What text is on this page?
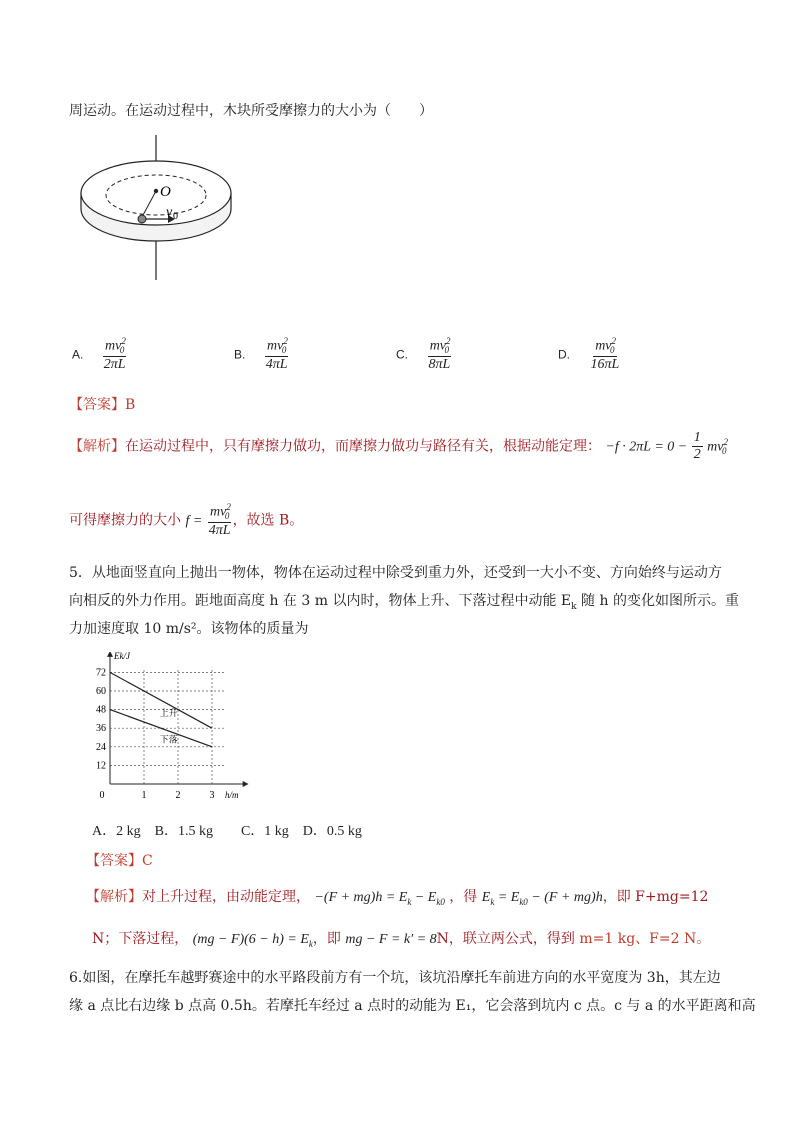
周运动。在运动过程中，木块所受摩擦力的大小为（　　）
O
v 0
A. $\frac{mv^2_0}{2\pi L}$	B. $\frac{mv^2_0}{4\pi L}$	C. $\frac{mv^2_0}{8\pi L}$	D. $\frac{mv^2_0}{16\pi L}$
【答案】B
【解析】在运动过程中，只有摩擦力做功，而摩擦力做功与路径有关，根据动能定理： $-f \cdot 2\pi L = 0 - \frac{1}{2} mv^2_0$
可得摩擦力的大小 $f = \frac{mv^2_0}{4\pi L}$ ，故选 B。
5．从地面竖直向上抛出一物体，物体在运动过程中除受到重力外，还受到一大小不变、方向始终与运动方
向相反的外力作用。距地面高度 h 在 3 m 以内时，物体上升、下落过程中动能 $E_k$ 随 h 的变化如图所示。重
力加速度取 10 m/s²。该物体的质量为
12
24
36
48
60
72
0	1	2	3 h/m
Ek/J
上升
下落
A．2 kg　B．1.5 kg　　C．1 kg　D．0.5 kg
【答案】C
【解析】对上升过程，由动能定理， $-(F + mg)h = E_k - E_{k0}$ ，得 $E_k = E_{k0} - (F + mg)h$，即 F+mg=12
N；下落过程， $(mg - F)(6 - h) = E_k$，即 mg − F = k′ = 8N，联立两公式，得到 m=1 kg、F=2 N。
6.如图，在摩托车越野赛途中的水平路段前方有一个坑，该坑沿摩托车前进方向的水平宽度为 3h，其左边
缘 a 点比右边缘 b 点高 0.5h。若摩托车经过 a 点时的动能为 E₁，它会落到坑内 c 点。c 与 a 的水平距离和高
